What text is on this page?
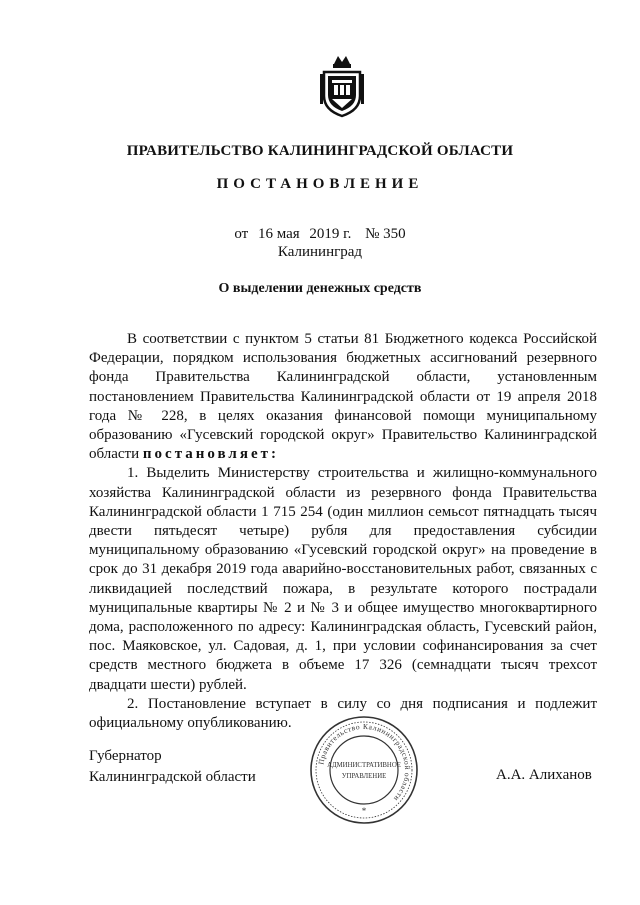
ПРАВИТЕЛЬСТВО КАЛИНИНГРАДСКОЙ ОБЛАСТИ
ПОСТАНОВЛЕНИЕ
от 16 мая 2019 г. № 350
Калининград
О выделении денежных средств

В соответствии с пунктом 5 статьи 81 Бюджетного кодекса Российской Федерации, порядком использования бюджетных ассигнований резервного фонда Правительства Калининградской области, установленным постановлением Правительства Калининградской области от 19 апреля 2018 года № 228, в целях оказания финансовой помощи муниципальному образованию «Гусевский городской округ» Правительство Калининградской области постановляет:

1. Выделить Министерству строительства и жилищно-коммунального хозяйства Калининградской области из резервного фонда Правительства Калининградской области 1 715 254 (один миллион семьсот пятнадцать тысяч двести пятьдесят четыре) рубля для предоставления субсидии муниципальному образованию «Гусевский городской округ» на проведение в срок до 31 декабря 2019 года аварийно-восстановительных работ, связанных с ликвидацией последствий пожара, в результате которого пострадали муниципальные квартиры № 2 и № 3 и общее имущество многоквартирного дома, расположенного по адресу: Калининградская область, Гусевский район, пос. Маяковское, ул. Садовая, д. 1, при условии софинансирования за счет средств местного бюджета в объеме 17 326 (семнадцати тысяч трехсот двадцати шести) рублей.

2. Постановление вступает в силу со дня подписания и подлежит официальному опубликованию.

Губернатор
Калининградской области
Правительство Калининградской области
АДМИНИСТРАТИВНОЕ
УПРАВЛЕНИЕ
*
А.А. Алиханов
